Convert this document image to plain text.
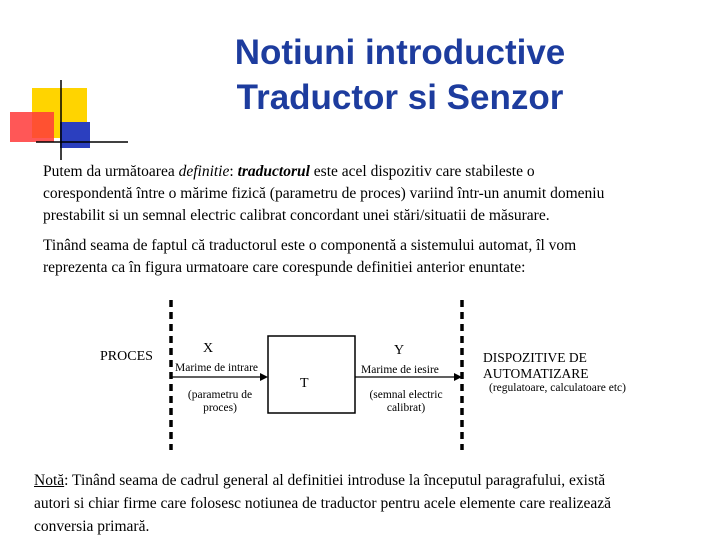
Notiuni introductive
Traductor si Senzor
Putem da următoarea definitie: traductorul este acel dispozitiv care stabileste o
corespondentă între o mărime fizică (parametru de proces) variind într-un anumit domeniu
prestabilit si un semnal electric calibrat concordant unei stări/situatii de măsurare.
Tinând seama de faptul că traductorul este o componentă a sistemului automat, îl vom
reprezenta ca în figura urmatoare care corespunde definitiei anterior enuntate:
PROCES
X
Marime de intrare
(parametru de
proces)
T
Y
Marime de iesire
(semnal electric
calibrat)
DISPOZITIVE DE
AUTOMATIZARE
(regulatoare, calculatoare etc)
Notă: Tinând seama de cadrul general al definitiei introduse la începutul paragrafului, există
autori si chiar firme care folosesc notiunea de traductor pentru acele elemente care realizează
conversia primară.
